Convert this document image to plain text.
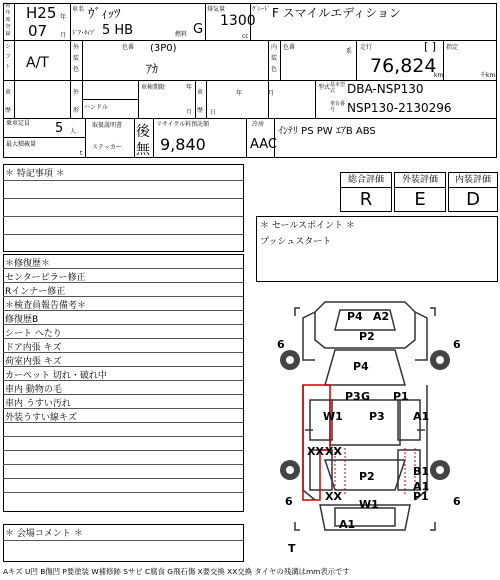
初年度登録
H25 年
07 月
車名 ｳﾞｨｯﾂ
ﾄﾞｱ･ﾀｲﾌﾟ 5 HB	燃料 G
排気量
1300
cc
ｸﾞﾚｰﾄﾞ F スマイルエディション
シフト A/T
外装色
色番 (3P0)
ｱｶ
内装色
色番
系
走行	[ ]
76,824
km
指定
千km
車歴
外形 ハンドル
車検期限	年
月	日
車歴
年	月
型式 基本型式 DBA-NSP130
車台番号 NSP130-2130296
乗車定員 5 人
最大積載量
t
取扱説明書
ステッカー
後
無
リサイクル料預託額
9,840
冷房
AAC
ｲﾝﾃﾘ PS PW ｴｱB ABS
＊ 特記事項 ＊
＊修復歴＊
センターピラー修正
Rインナー修正
＊検査員報告備考＊
修復歴B
シート へたり
ドア内張 キズ
荷室内張 キズ
カーペット 切れ・破れ中
車内 動物の毛
車内 うすい汚れ
外装うすい線キズ
＊ 会場コメント ＊
総合評価
R
外装評価
E
内装評価
D
＊ セールスポイント ＊
プッシュスタート
P4 A2
P2
6	6
P4
P3 G P1
W1 P3	A1
XX XX
P2	B1
A1
P1
6	XX
W1	6
A1
T
Aキズ U凹 B傷凹 P要塗装 W補修跡 Sサビ C腐食 G飛石傷 X要交換 XX交換 タイヤの残溝はmm表示です
